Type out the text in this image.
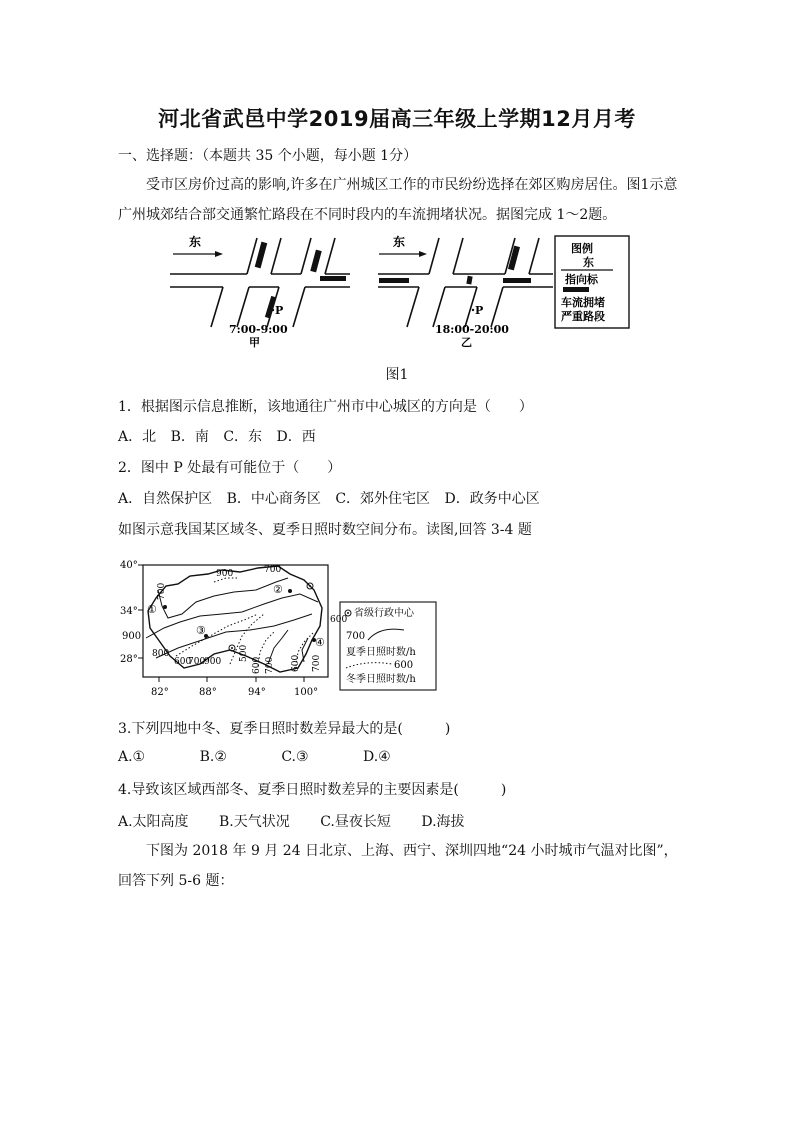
河北省武邑中学2019届高三年级上学期12月月考
一、选择题：（本题共 35 个小题，每小题 1分）
受市区房价过高的影响,许多在广州城区工作的市民纷纷选择在郊区购房居住。图1示意广州城郊结合部交通繁忙路段在不同时段内的车流拥堵状况。据图完成 1～2题。
东
P
7:00-9:00
甲
东
P
18:00-20:00
乙
图例
东
指向标
车流拥堵
严重路段
图1
1．根据图示信息推断，该地通往广州市中心城区的方向是（　　）
A．北 B．南 C．东 D．西
2．图中 P 处最有可能位于（　　）
A．自然保护区 B．中心商务区 C．郊外住宅区 D．政务中心区
如图示意我国某区域冬、夏季日照时数空间分布。读图,回答 3-4 题
40°
34°
28°
900
82°	88°	94°	100°
700
900	700
600
800
600
700
900 500
600 700 600 700
①
②
③
④
省级行政中心
700
夏季日照时数/h
600
冬季日照时数/h
3.下列四地中冬、夏季日照时数差异最大的是(　　　)
A.①	B.②	C.③	D.④
4.导致该区域西部冬、夏季日照时数差异的主要因素是(　　　)
A.太阳高度 B.天气状况 C.昼夜长短 D.海拔
下图为 2018 年 9 月 24 日北京、上海、西宁、深圳四地“24 小时城市气温对比图”，回答下列 5-6 题：
